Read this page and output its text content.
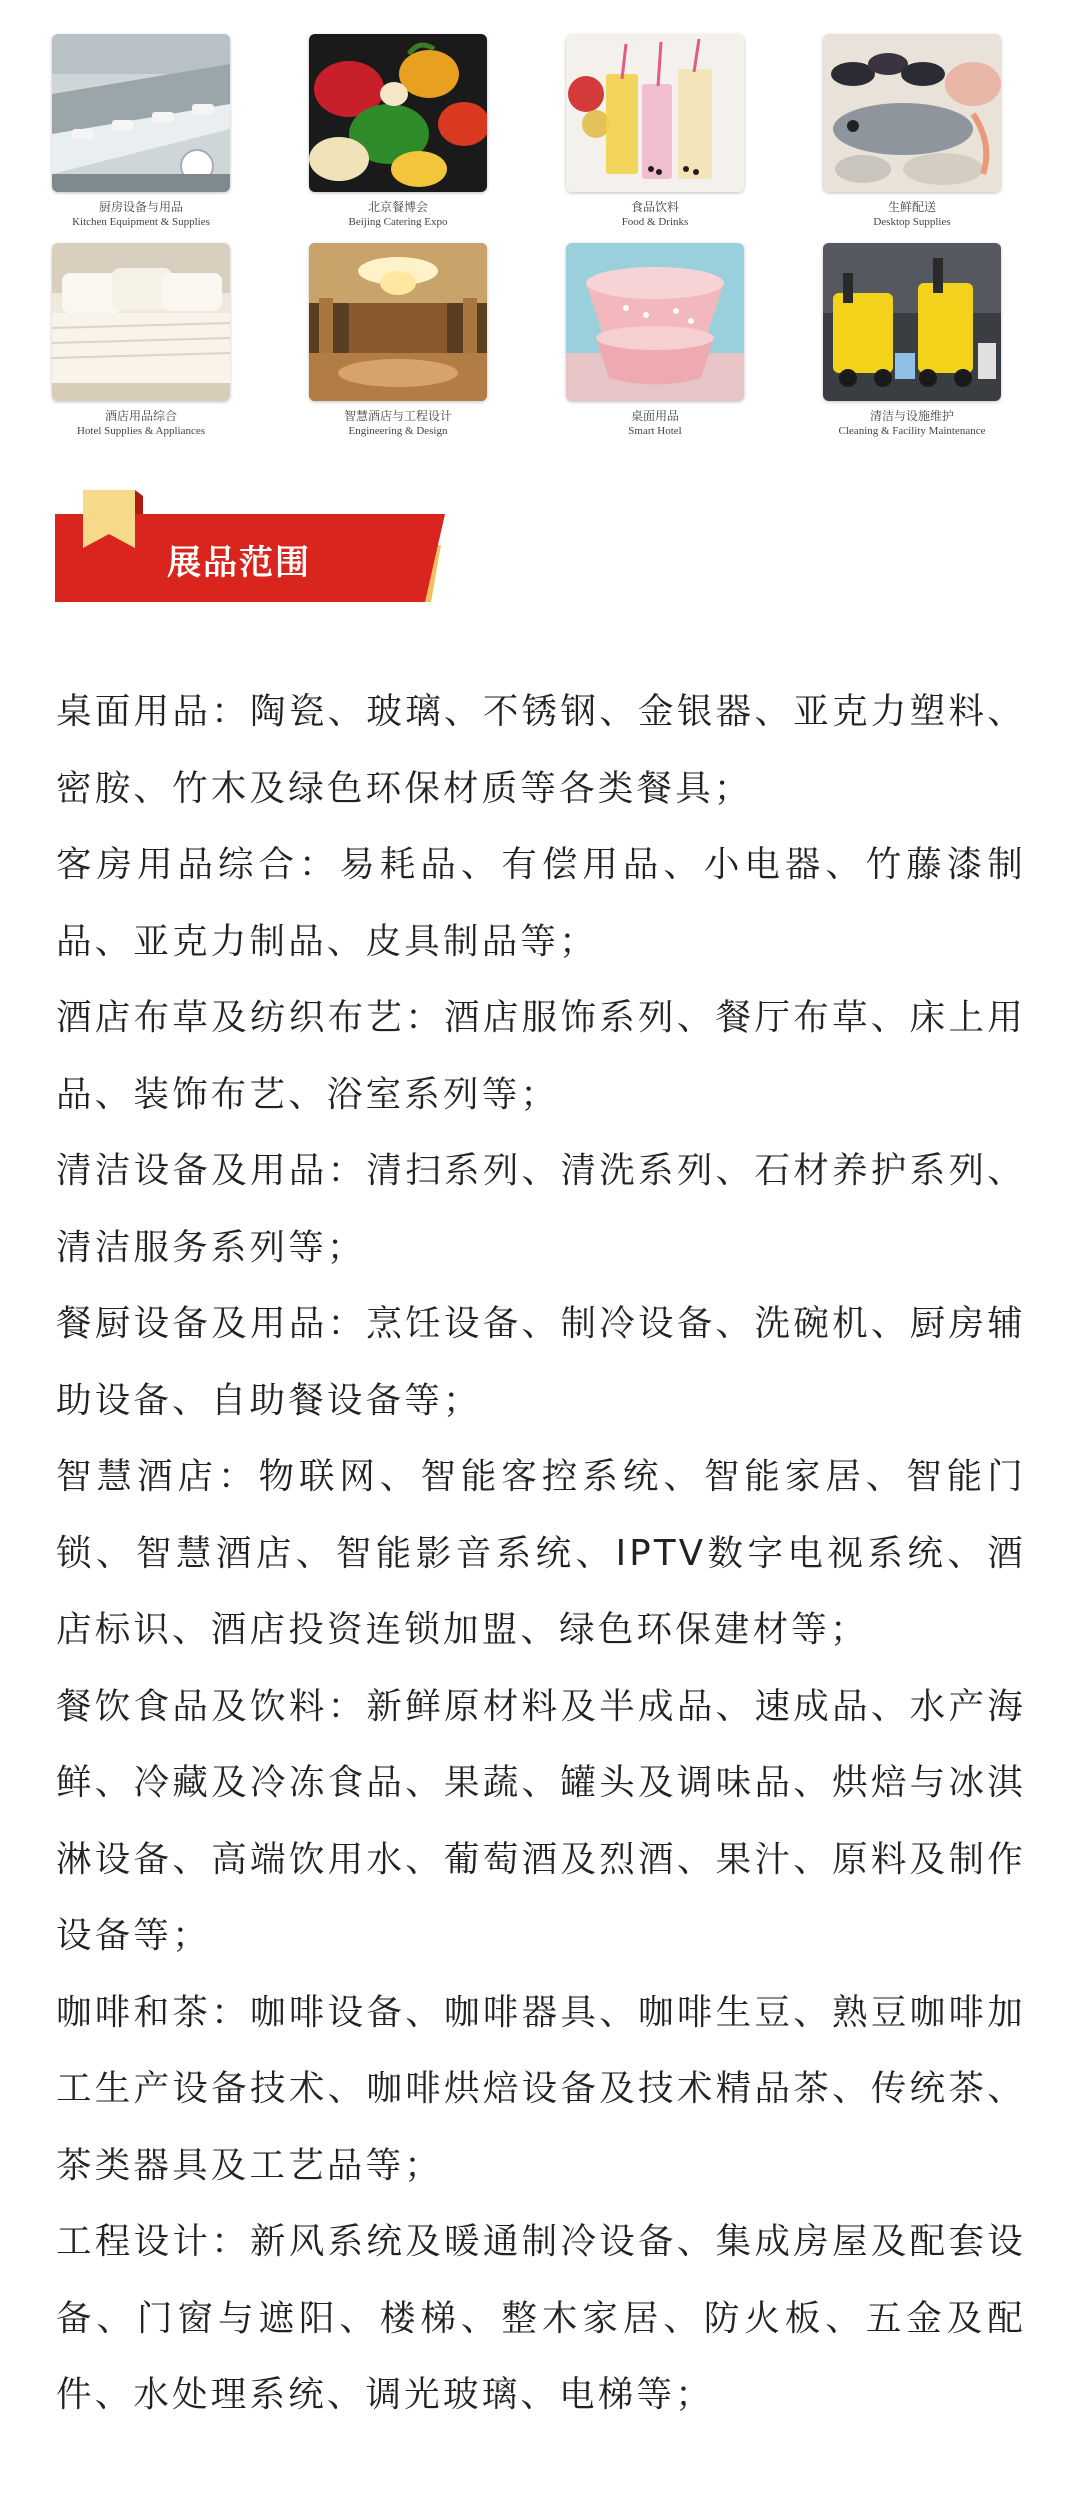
厨房设备与用品
Kitchen Equipment & Supplies
北京餐博会
Beijing Catering Expo
食品饮料
Food & Drinks
生鲜配送
Desktop Supplies
酒店用品综合
Hotel Supplies & Appliances
智慧酒店与工程设计
Engineering & Design
桌面用品
Smart Hotel
清洁与设施维护
Cleaning & Facility Maintenance
展品范围

桌面用品：陶瓷、玻璃、不锈钢、金银器、亚克力塑料、密胺、竹木及绿色环保材质等各类餐具；

客房用品综合：易耗品、有偿用品、小电器、竹藤漆制品、亚克力制品、皮具制品等；

酒店布草及纺织布艺：酒店服饰系列、餐厅布草、床上用品、装饰布艺、浴室系列等；

清洁设备及用品：清扫系列、清洗系列、石材养护系列、清洁服务系列等；

餐厨设备及用品：烹饪设备、制冷设备、洗碗机、厨房辅助设备、自助餐设备等；

智慧酒店：物联网、智能客控系统、智能家居、智能门锁、智慧酒店、智能影音系统、IPTV数字电视系统、酒店标识、酒店投资连锁加盟、绿色环保建材等；

餐饮食品及饮料：新鲜原材料及半成品、速成品、水产海鲜、冷藏及冷冻食品、果蔬、罐头及调味品、烘焙与冰淇淋设备、高端饮用水、葡萄酒及烈酒、果汁、原料及制作设备等；

咖啡和茶：咖啡设备、咖啡器具、咖啡生豆、熟豆咖啡加工生产设备技术、咖啡烘焙设备及技术精品茶、传统茶、茶类器具及工艺品等；

工程设计：新风系统及暖通制冷设备、集成房屋及配套设备、门窗与遮阳、楼梯、整木家居、防火板、五金及配件、水处理系统、调光玻璃、电梯等；
